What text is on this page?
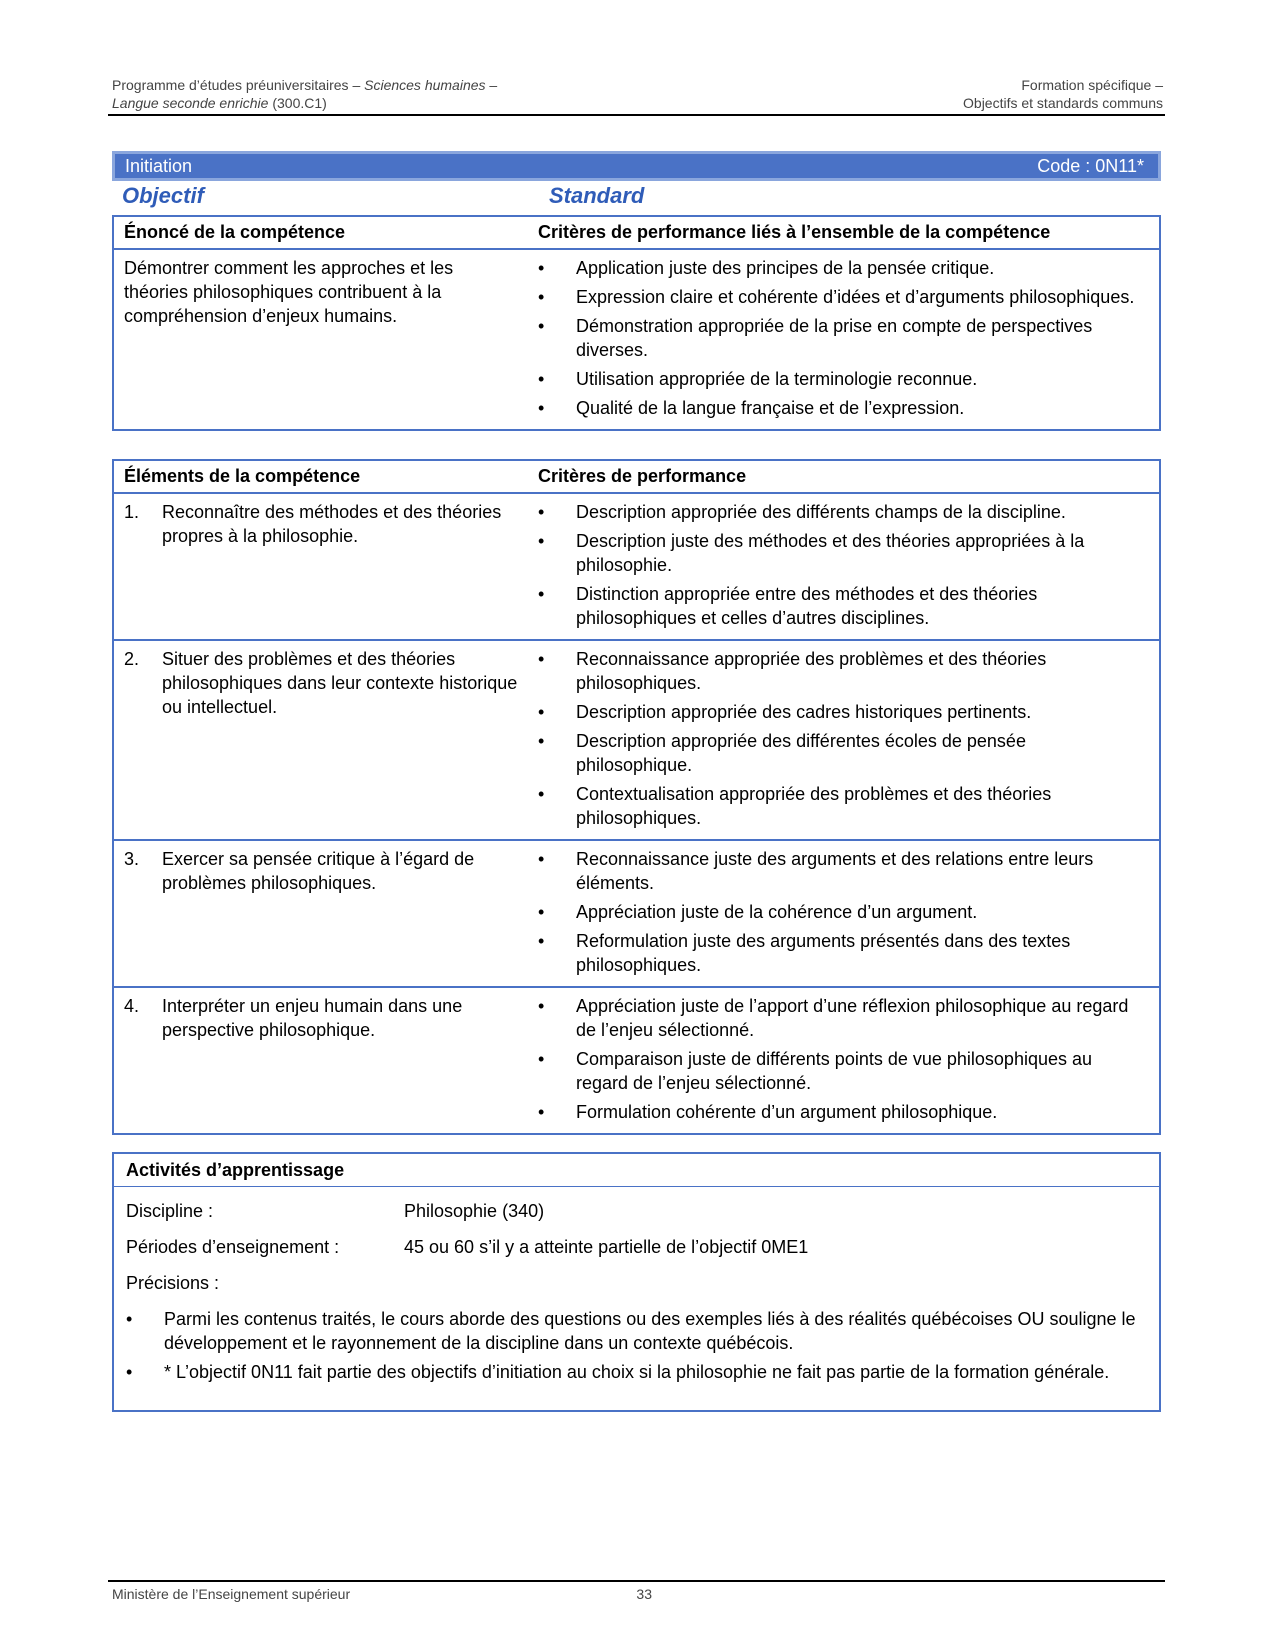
Programme d’études préuniversitaires – Sciences humaines –	Formation spécifique –
Langue seconde enrichie (300.C1)	Objectifs et standards communs
Initiation	Code : 0N11*
Objectif	Standard
Énoncé de la compétence	Critères de performance liés à l’ensemble de la compétence
Démontrer comment les approches et les théories philosophiques contribuent à la compréhension d’enjeux humains.
•	Application juste des principes de la pensée critique.
•	Expression claire et cohérente d’idées et d’arguments philosophiques.
•	Démonstration appropriée de la prise en compte de perspectives diverses.
•	Utilisation appropriée de la terminologie reconnue.
•	Qualité de la langue française et de l’expression.
Éléments de la compétence	Critères de performance
1.	Reconnaître des méthodes et des théories propres à la philosophie.
•	Description appropriée des différents champs de la discipline.
•	Description juste des méthodes et des théories appropriées à la philosophie.
•	Distinction appropriée entre des méthodes et des théories philosophiques et celles d’autres disciplines.
2.	Situer des problèmes et des théories philosophiques dans leur contexte historique ou intellectuel.
•	Reconnaissance appropriée des problèmes et des théories philosophiques.
•	Description appropriée des cadres historiques pertinents.
•	Description appropriée des différentes écoles de pensée philosophique.
•	Contextualisation appropriée des problèmes et des théories philosophiques.
3.	Exercer sa pensée critique à l’égard de problèmes philosophiques.
•	Reconnaissance juste des arguments et des relations entre leurs éléments.
•	Appréciation juste de la cohérence d’un argument.
•	Reformulation juste des arguments présentés dans des textes philosophiques.
4.	Interpréter un enjeu humain dans une perspective philosophique.
•	Appréciation juste de l’apport d’une réflexion philosophique au regard de l’enjeu sélectionné.
•	Comparaison juste de différents points de vue philosophiques au regard de l’enjeu sélectionné.
•	Formulation cohérente d’un argument philosophique.
Activités d’apprentissage
Discipline :	Philosophie (340)
Périodes d’enseignement :	45 ou 60 s’il y a atteinte partielle de l’objectif 0ME1
Précisions :
•	Parmi les contenus traités, le cours aborde des questions ou des exemples liés à des réalités québécoises OU souligne le développement et le rayonnement de la discipline dans un contexte québécois.
•	* L’objectif 0N11 fait partie des objectifs d’initiation au choix si la philosophie ne fait pas partie de la formation générale.
Ministère de l’Enseignement supérieur	33
